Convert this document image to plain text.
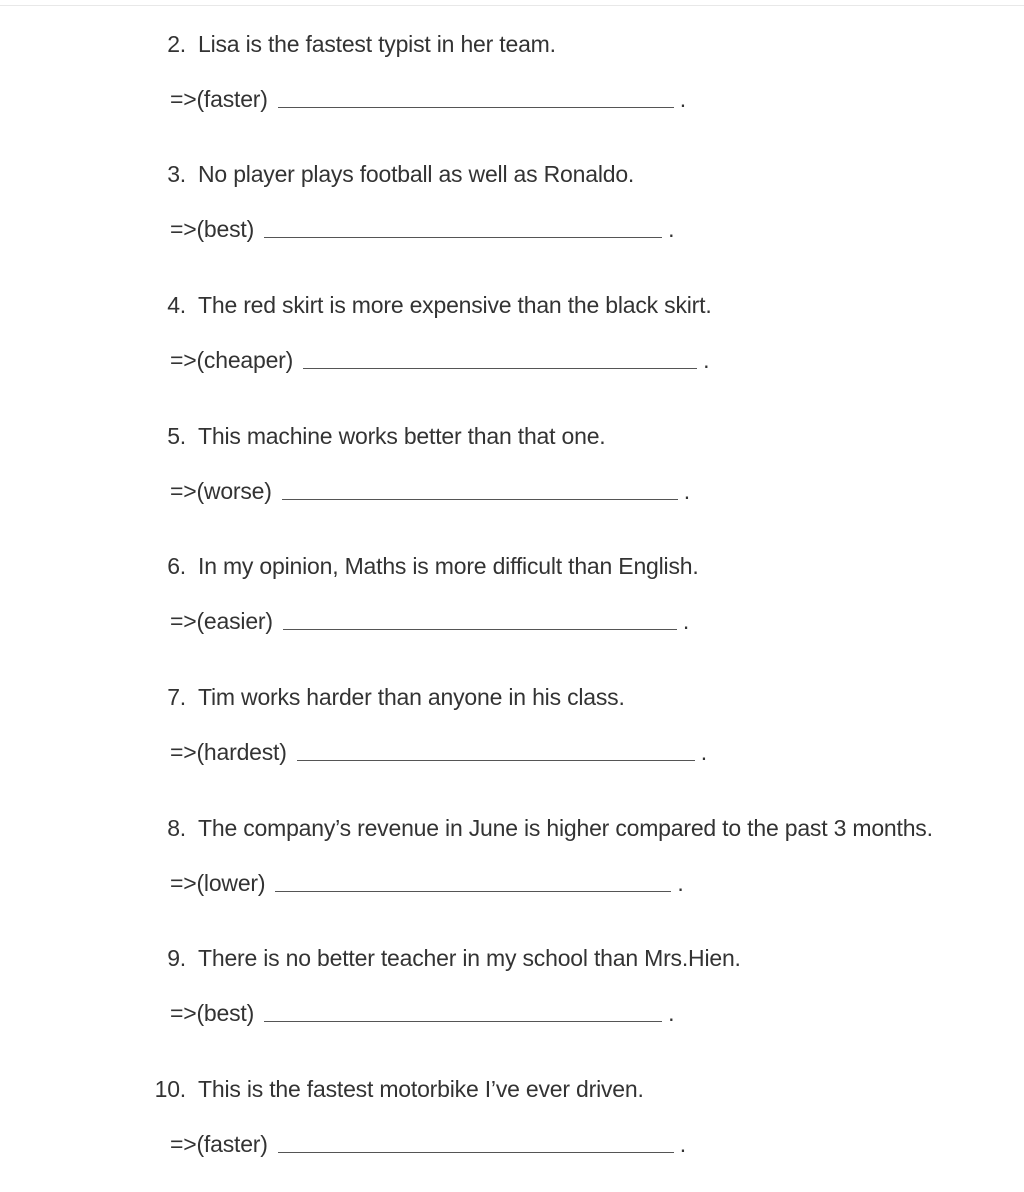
2. Lisa is the fastest typist in her team.
=>(faster)	.
3. No player plays football as well as Ronaldo.
=>(best)	.
4. The red skirt is more expensive than the black skirt.
=>(cheaper)	.
5. This machine works better than that one.
=>(worse)	.
6. In my opinion, Maths is more difficult than English.
=>(easier)	.
7. Tim works harder than anyone in his class.
=>(hardest)	.
8. The company’s revenue in June is higher compared to the past 3 months.
=>(lower)	.
9. There is no better teacher in my school than Mrs.Hien.
=>(best)	.
10. This is the fastest motorbike I’ve ever driven.
=>(faster)	.
